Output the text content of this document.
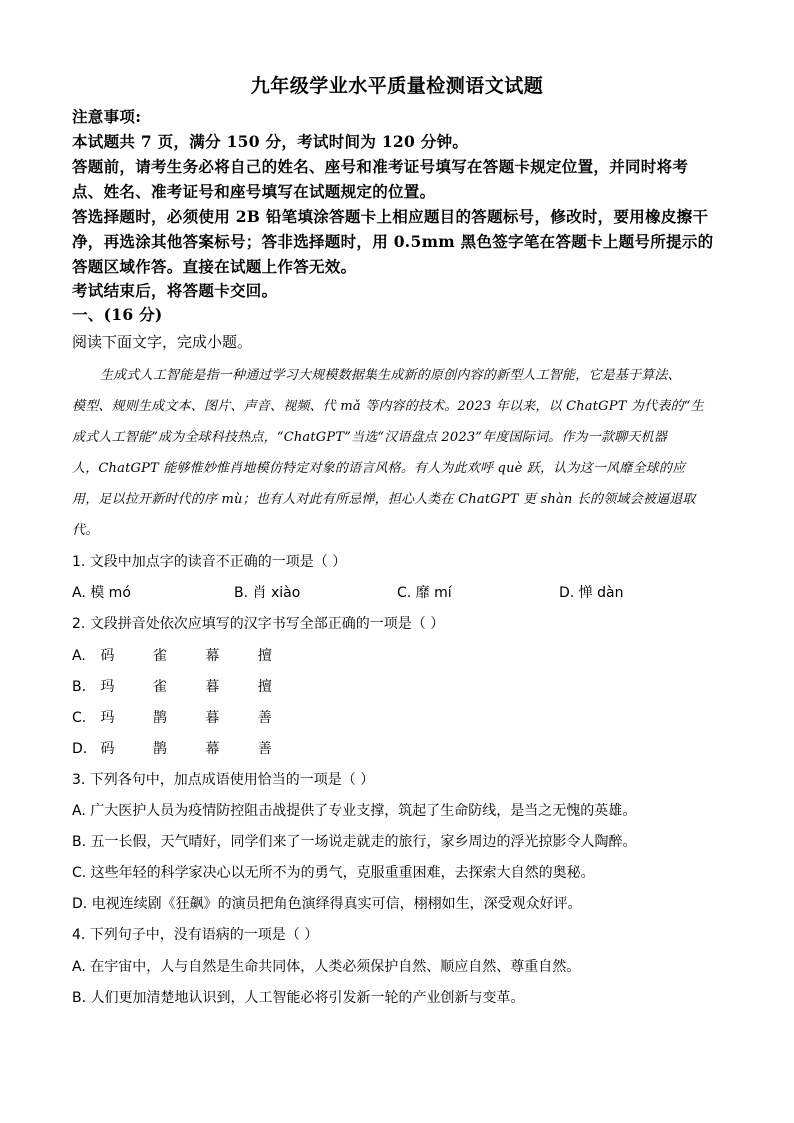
九年级学业水平质量检测语文试题
注意事项:
本试题共 7 页，满分 150 分，考试时间为 120 分钟。
答题前，请考生务必将自己的姓名、座号和准考证号填写在答题卡规定位置，并同时将考
点、姓名、准考证号和座号填写在试题规定的位置。
答选择题时，必须使用 2B 铅笔填涂答题卡上相应题目的答题标号，修改时，要用橡皮擦干
净，再选涂其他答案标号；答非选择题时，用 0.5mm 黑色签字笔在答题卡上题号所提示的
答题区域作答。直接在试题上作答无效。
考试结束后，将答题卡交回。
一、(16 分)
阅读下面文字，完成小题。
生成式人工智能是指一种通过学习大规模数据集生成新的原创内容的新型人工智能，它是基于算法、
模型、规则生成文本、图片、声音、视频、代 mǎ 等内容的技术。2023 年以来，以 ChatGPT 为代表的“生
成式人工智能”成为全球科技热点，“ChatGPT”当选“汉语盘点 2023”年度国际词。作为一款聊天机器
人，ChatGPT 能够惟妙惟肖地模仿特定对象的语言风格。有人为此欢呼 què 跃，认为这一风靡全球的应
用，足以拉开新时代的序 mù；也有人对此有所忌惮，担心人类在 ChatGPT 更 shàn 长的领域会被逼退取
代。
1. 文段中加点字的读音不正确的一项是（ ）
A. 模 mó	B. 肖 xiào	C. 靡 mí	D. 惮 dàn
2. 文段拼音处依次应填写的汉字书写全部正确的一项是（ ）
A. 码	雀	幕	擅
B. 玛	雀	暮	擅
C. 玛	鹊	暮	善
D. 码	鹊	幕	善
3. 下列各句中，加点成语使用恰当的一项是（ ）
A. 广大医护人员为疫情防控阻击战提供了专业支撑，筑起了生命防线，是当之无愧的英雄。
B. 五一长假，天气晴好，同学们来了一场说走就走的旅行，家乡周边的浮光掠影令人陶醉。
C. 这些年轻的科学家决心以无所不为的勇气，克服重重困难，去探索大自然的奥秘。
D. 电视连续剧《狂飙》的演员把角色演绎得真实可信，栩栩如生，深受观众好评。
4. 下列句子中，没有语病的一项是（ ）
A. 在宇宙中，人与自然是生命共同体，人类必须保护自然、顺应自然、尊重自然。
B. 人们更加清楚地认识到，人工智能必将引发新一轮的产业创新与变革。
